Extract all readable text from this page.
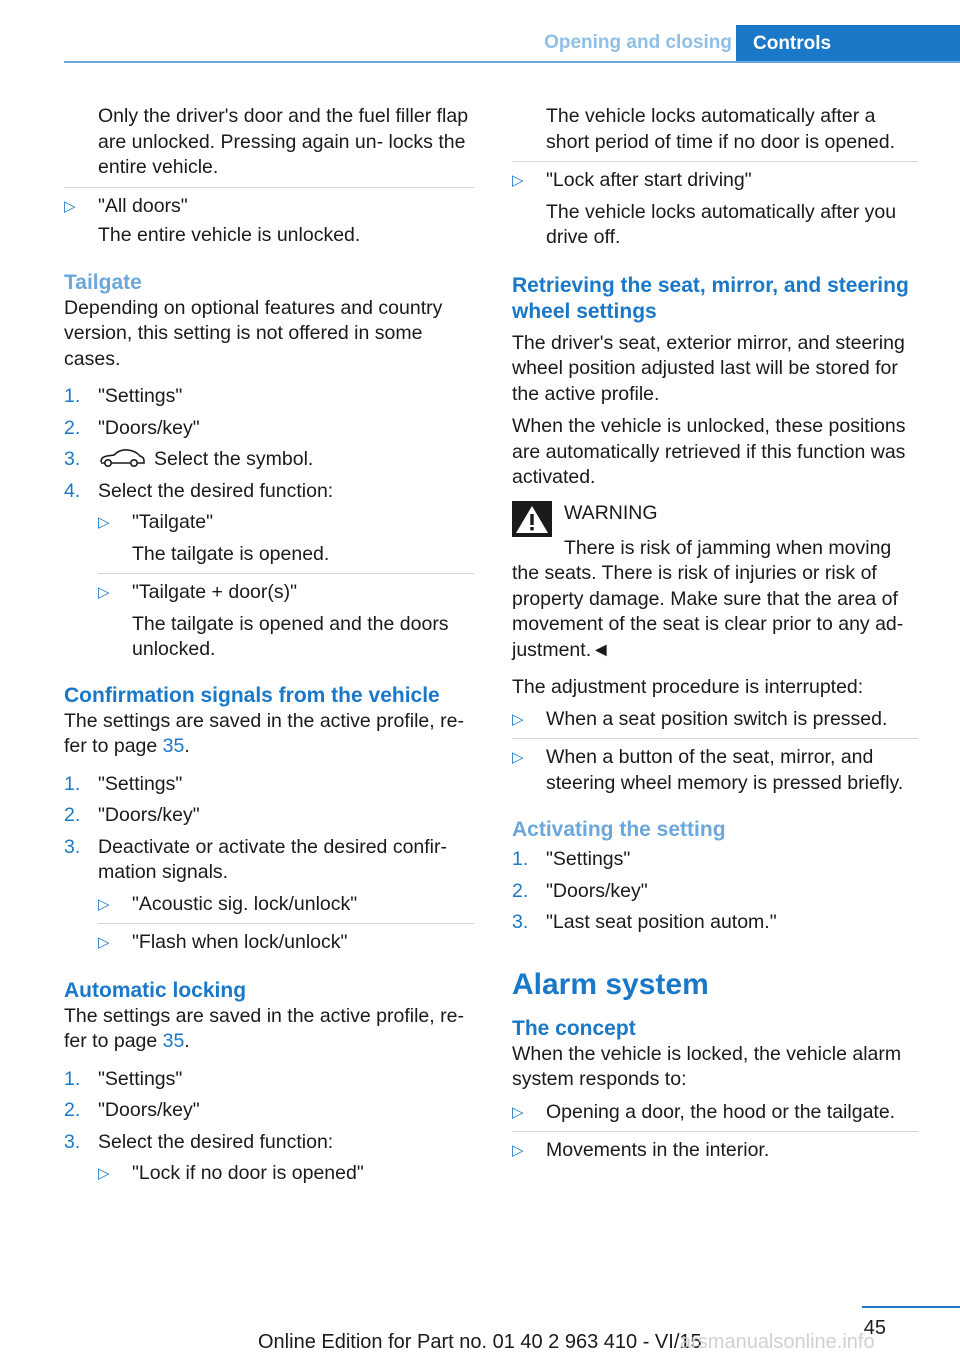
Opening and closing	Controls

Only the driver's door and the fuel filler flap are unlocked. Pressing again un- locks the entire vehicle.

▷	"All doors"

The entire vehicle is unlocked.

Tailgate

Depending on optional features and country version, this setting is not offered in some cases.

1. "Settings"
2. "Doors/key"
3.	Select the symbol.
4. Select the desired function:
▷	"Tailgate"

The tailgate is opened.

▷	"Tailgate + door(s)"

The tailgate is opened and the doors unlocked.

Confirmation signals from the vehicle

The settings are saved in the active profile, re- fer to page 35.

1. "Settings"
2. "Doors/key"
3. Deactivate or activate the desired confir- mation signals.
▷	"Acoustic sig. lock/unlock"
▷	"Flash when lock/unlock"
Automatic locking

The settings are saved in the active profile, re- fer to page 35.

1. "Settings"
2. "Doors/key"
3. Select the desired function:
▷	"Lock if no door is opened"

The vehicle locks automatically after a short period of time if no door is opened.

▷	"Lock after start driving"

The vehicle locks automatically after you drive off.

Retrieving the seat, mirror, and steering wheel settings

The driver's seat, exterior mirror, and steering wheel position adjusted last will be stored for the active profile.

When the vehicle is unlocked, these positions are automatically retrieved if this function was activated.

WARNING

There is risk of jamming when moving the seats. There is risk of injuries or risk of property damage. Make sure that the area of movement of the seat is clear prior to any ad- justment.◄

The adjustment procedure is interrupted:

▷	When a seat position switch is pressed.
▷	When a button of the seat, mirror, and steering wheel memory is pressed briefly.
Activating the setting
1. "Settings"
2. "Doors/key"
3. "Last seat position autom."
Alarm system
The concept

When the vehicle is locked, the vehicle alarm system responds to:

▷	Opening a door, the hood or the tailgate.
▷	Movements in the interior.
45
Online Edition for Part no. 01 40 2 963 410 - VI/15
arsmanualsonline.info
